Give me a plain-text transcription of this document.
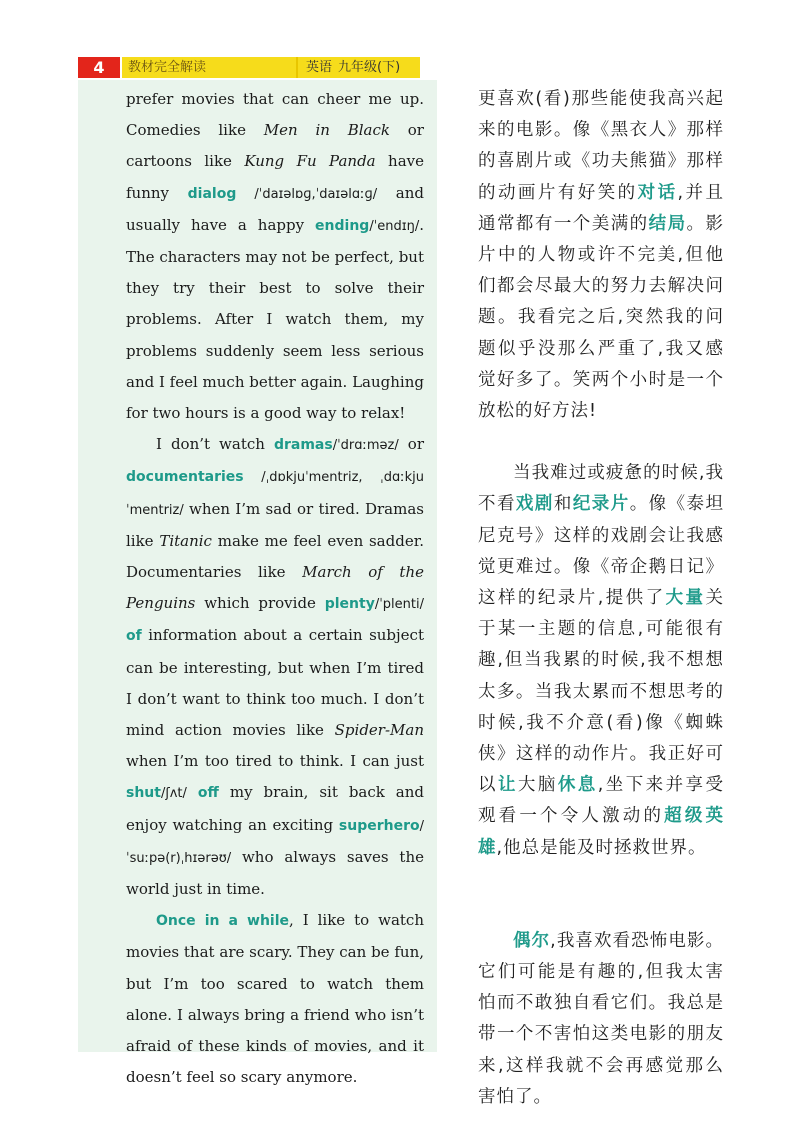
4	教材完全解读	英语 九年级(下)

prefer movies that can cheer me up. Comedies like Men in Black or cartoons like Kung Fu Panda have funny dialog /ˈdaɪəlɒɡ,ˈdaɪəlɑːɡ/ and usually have a happy ending/ˈendɪŋ/. The characters may not be perfect, but they try their best to solve their problems. After I watch them, my problems suddenly seem less serious and I feel much better again. Laughing for two hours is a good way to relax!

I don’t watch dramas/ˈdrɑːməz/ or documentaries /ˌdɒkjuˈmentriz, ˌdɑːkjuˈmentriz/ when I’m sad or tired. Dramas like Titanic make me feel even sadder. Documentaries like March of the Penguins which provide plenty/ˈplenti/ of information about a certain subject can be interesting, but when I’m tired I don’t want to think too much. I don’t mind action movies like Spider-Man when I’m too tired to think. I can just shut/ʃʌt/ off my brain, sit back and enjoy watching an exciting superhero/ˈsuːpə(r)ˌhɪərəʊ/ who always saves the world just in time.

Once in a while, I like to watch movies that are scary. They can be fun, but I’m too scared to watch them alone. I always bring a friend who isn’t afraid of these kinds of movies, and it doesn’t feel so scary anymore.

更喜欢(看)那些能使我高兴起来的电影。像《黑衣人》那样的喜剧片或《功夫熊猫》那样的动画片有好笑的对话,并且通常都有一个美满的结局。影片中的人物或许不完美,但他们都会尽最大的努力去解决问题。我看完之后,突然我的问题似乎没那么严重了,我又感觉好多了。笑两个小时是一个放松的好方法!

当我难过或疲惫的时候,我不看戏剧和纪录片。像《泰坦尼克号》这样的戏剧会让我感觉更难过。像《帝企鹅日记》这样的纪录片,提供了大量关于某一主题的信息,可能很有趣,但当我累的时候,我不想想太多。当我太累而不想思考的时候,我不介意(看)像《蜘蛛侠》这样的动作片。我正好可以让大脑休息,坐下来并享受观看一个令人激动的超级英雄,他总是能及时拯救世界。

偶尔,我喜欢看恐怖电影。它们可能是有趣的,但我太害怕而不敢独自看它们。我总是带一个不害怕这类电影的朋友来,这样我就不会再感觉那么害怕了。
